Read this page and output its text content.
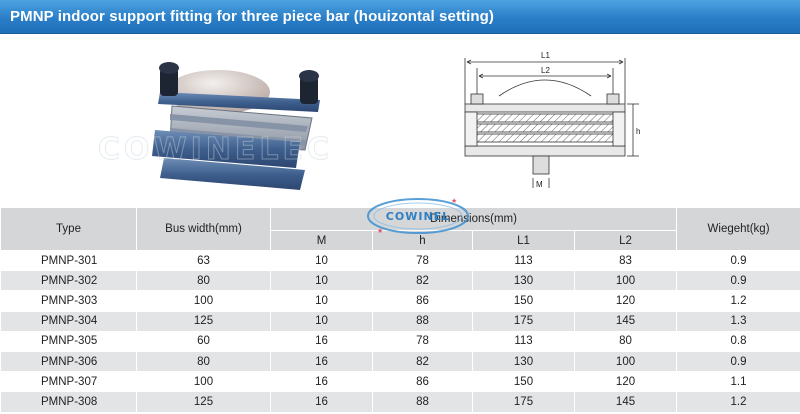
PMNP indoor support fitting for three piece bar (houizontal setting)
COWINELEC
L1
L2
h
M
Type	Bus width(mm)	Dimensions(mm)				Wiegeht(kg)
		M	h	L1	L2	
PMNP-301	63	10	78	113	83	0.9
PMNP-302	80	10	82	130	100	0.9
PMNP-303	100	10	86	150	120	1.2
PMNP-304	125	10	88	175	145	1.3
PMNP-305	60	16	78	113	80	0.8
PMNP-306	80	16	82	130	100	0.9
PMNP-307	100	16	86	150	120	1.1
PMNP-308	125	16	88	175	145	1.2
COWINEL
★
★
